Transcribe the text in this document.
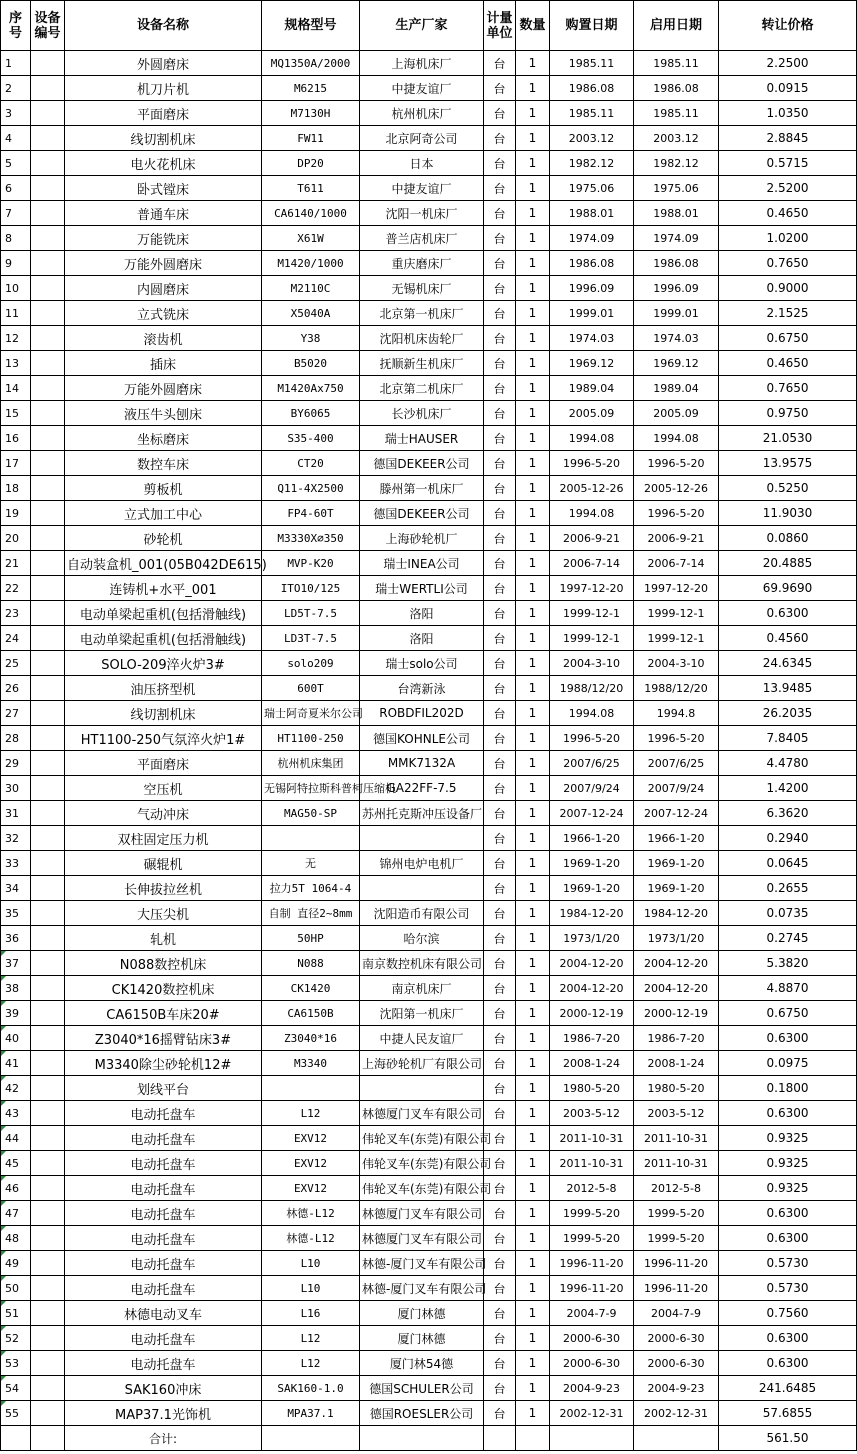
序号	设备编号	设备名称	规格型号	生产厂家	计量单位	数量	购置日期	启用日期	转让价格
1		外圆磨床	MQ1350A/2000	上海机床厂	台	1	1985.11	1985.11	2.2500
2		机刀片机	M6215	中捷友谊厂	台	1	1986.08	1986.08	0.0915
3		平面磨床	M7130H	杭州机床厂	台	1	1985.11	1985.11	1.0350
4		线切割机床	FW11	北京阿奇公司	台	1	2003.12	2003.12	2.8845
5		电火花机床	DP20	日本	台	1	1982.12	1982.12	0.5715
6		卧式镗床	T611	中捷友谊厂	台	1	1975.06	1975.06	2.5200
7		普通车床	CA6140/1000	沈阳一机床厂	台	1	1988.01	1988.01	0.4650
8		万能铣床	X61W	普兰店机床厂	台	1	1974.09	1974.09	1.0200
9		万能外圆磨床	M1420/1000	重庆磨床厂	台	1	1986.08	1986.08	0.7650
10		内圆磨床	M2110C	无锡机床厂	台	1	1996.09	1996.09	0.9000
11		立式铣床	X5040A	北京第一机床厂	台	1	1999.01	1999.01	2.1525
12		滚齿机	Y38	沈阳机床齿轮厂	台	1	1974.03	1974.03	0.6750
13		插床	B5020	抚顺新生机床厂	台	1	1969.12	1969.12	0.4650
14		万能外圆磨床	M1420Ax750	北京第二机床厂	台	1	1989.04	1989.04	0.7650
15		液压牛头刨床	BY6065	长沙机床厂	台	1	2005.09	2005.09	0.9750
16		坐标磨床	S35-400	瑞士HAUSER	台	1	1994.08	1994.08	21.0530
17		数控车床	CT20	德国DEKEER公司	台	1	1996-5-20	1996-5-20	13.9575
18		剪板机	Q11-4X2500	滕州第一机床厂	台	1	2005-12-26	2005-12-26	0.5250
19		立式加工中心	FP4-60T	德国DEKEER公司	台	1	1994.08	1996-5-20	11.9030
20		砂轮机	M3330X∅350	上海砂轮机厂	台	1	2006-9-21	2006-9-21	0.0860
21		自动装盒机_001(05B042DE615)	MVP-K20	瑞士INEA公司	台	1	2006-7-14	2006-7-14	20.4885
22		连铸机+水平_001	ITO10/125	瑞士WERTLI公司	台	1	1997-12-20	1997-12-20	69.9690
23		电动单梁起重机(包括滑触线)	LD5T-7.5	洛阳	台	1	1999-12-1	1999-12-1	0.6300
24		电动单梁起重机(包括滑触线)	LD3T-7.5	洛阳	台	1	1999-12-1	1999-12-1	0.4560
25		SOLO-209淬火炉3#	solo209	瑞士solo公司	台	1	2004-3-10	2004-3-10	24.6345
26		油压挤型机	600T	台湾新泳	台	1	1988/12/20	1988/12/20	13.9485
27		线切割机床	瑞士阿奇夏米尔公司	ROBDFIL202D	台	1	1994.08	1994.8	26.2035
28		HT1100-250气氛淬火炉1#	HT1100-250	德国KOHNLE公司	台	1	1996-5-20	1996-5-20	7.8405
29		平面磨床	杭州机床集团	MMK7132A	台	1	2007/6/25	2007/6/25	4.4780
30		空压机	无锡阿特拉斯科普柯压缩机	GA22FF-7.5	台	1	2007/9/24	2007/9/24	1.4200
31		气动冲床	MAG50-SP	苏州托克斯冲压设备厂	台	1	2007-12-24	2007-12-24	6.3620
32		双柱固定压力机			台	1	1966-1-20	1966-1-20	0.2940
33		碾辊机	无	锦州电炉电机厂	台	1	1969-1-20	1969-1-20	0.0645
34		长伸拔拉丝机	拉力5T 1064-4		台	1	1969-1-20	1969-1-20	0.2655
35		大压尖机	自制 直径2~8mm	沈阳造币有限公司	台	1	1984-12-20	1984-12-20	0.0735
36		轧机	50HP	哈尔滨	台	1	1973/1/20	1973/1/20	0.2745
37		N088数控机床	N088	南京数控机床有限公司	台	1	2004-12-20	2004-12-20	5.3820
38		CK1420数控机床	CK1420	南京机床厂	台	1	2004-12-20	2004-12-20	4.8870
39		CA6150B车床20#	CA6150B	沈阳第一机床厂	台	1	2000-12-19	2000-12-19	0.6750
40		Z3040*16摇臂钻床3#	Z3040*16	中捷人民友谊厂	台	1	1986-7-20	1986-7-20	0.6300
41		M3340除尘砂轮机12#	M3340	上海砂轮机厂有限公司	台	1	2008-1-24	2008-1-24	0.0975
42		划线平台			台	1	1980-5-20	1980-5-20	0.1800
43		电动托盘车	L12	林德厦门叉车有限公司	台	1	2003-5-12	2003-5-12	0.6300
44		电动托盘车	EXV12	伟轮叉车(东莞)有限公司	台	1	2011-10-31	2011-10-31	0.9325
45		电动托盘车	EXV12	伟轮叉车(东莞)有限公司	台	1	2011-10-31	2011-10-31	0.9325
46		电动托盘车	EXV12	伟轮叉车(东莞)有限公司	台	1	2012-5-8	2012-5-8	0.9325
47		电动托盘车	林德-L12	林德厦门叉车有限公司	台	1	1999-5-20	1999-5-20	0.6300
48		电动托盘车	林德-L12	林德厦门叉车有限公司	台	1	1999-5-20	1999-5-20	0.6300
49		电动托盘车	L10	林德-厦门叉车有限公司	台	1	1996-11-20	1996-11-20	0.5730
50		电动托盘车	L10	林德-厦门叉车有限公司	台	1	1996-11-20	1996-11-20	0.5730
51		林德电动叉车	L16	厦门林德	台	1	2004-7-9	2004-7-9	0.7560
52		电动托盘车	L12	厦门林德	台	1	2000-6-30	2000-6-30	0.6300
53		电动托盘车	L12	厦门林54德	台	1	2000-6-30	2000-6-30	0.6300
54		SAK160冲床	SAK160-1.0	德国SCHULER公司	台	1	2004-9-23	2004-9-23	241.6485
55		MAP37.1光饰机	MPA37.1	德国ROESLER公司	台	1	2002-12-31	2002-12-31	57.6855
		合计:							561.50
